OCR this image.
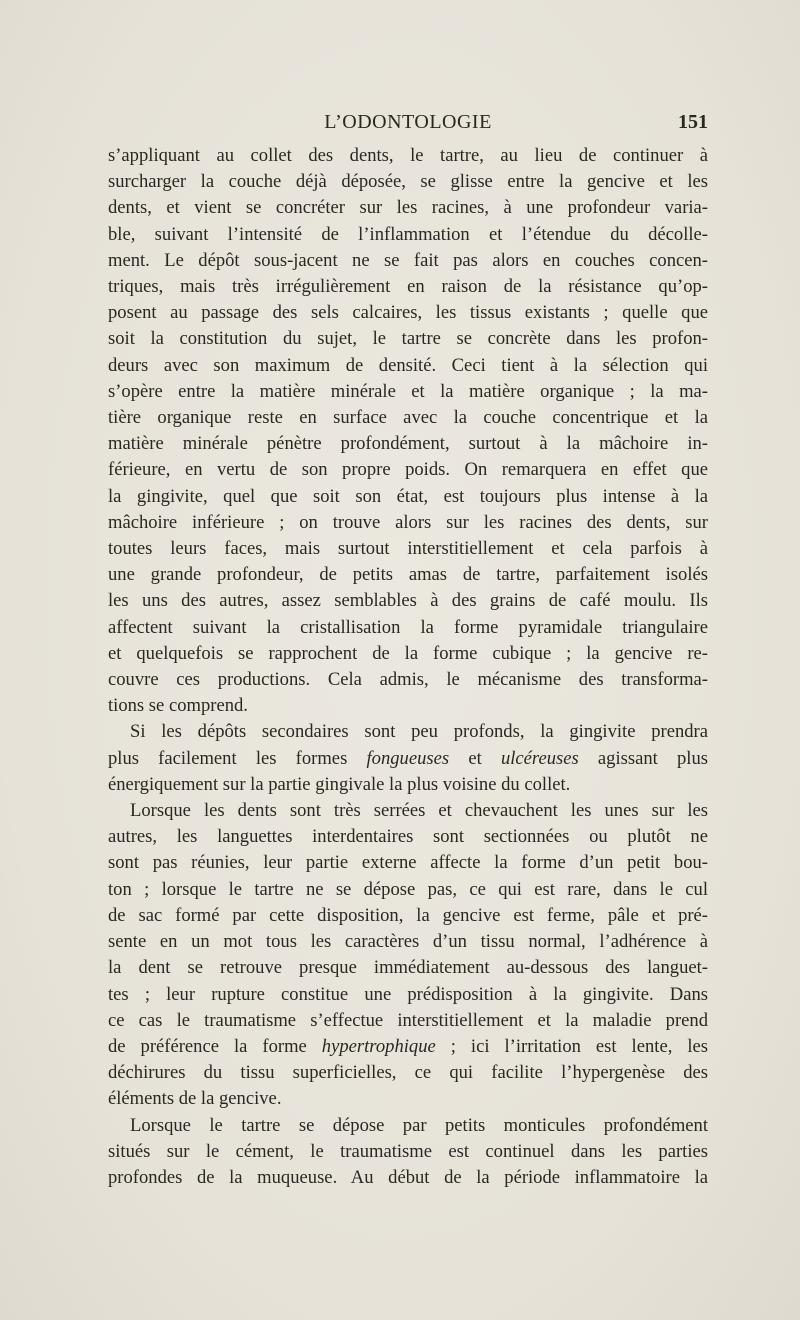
L’ODONTOLOGIE	151

s’appliquant au collet des dents, le tartre, au lieu de continuer à
surcharger la couche déjà déposée, se glisse entre la gencive et les
dents, et vient se concréter sur les racines, à une profondeur varia-
ble, suivant l’intensité de l’inflammation et l’étendue du décolle-
ment. Le dépôt sous-jacent ne se fait pas alors en couches concen-
triques, mais très irrégulièrement en raison de la résistance qu’op-
posent au passage des sels calcaires, les tissus existants ; quelle que
soit la constitution du sujet, le tartre se concrète dans les profon-
deurs avec son maximum de densité. Ceci tient à la sélection qui
s’opère entre la matière minérale et la matière organique ; la ma-
tière organique reste en surface avec la couche concentrique et la
matière minérale pénètre profondément, surtout à la mâchoire in-
férieure, en vertu de son propre poids. On remarquera en effet que
la gingivite, quel que soit son état, est toujours plus intense à la
mâchoire inférieure ; on trouve alors sur les racines des dents, sur
toutes leurs faces, mais surtout interstitiellement et cela parfois à
une grande profondeur, de petits amas de tartre, parfaitement isolés
les uns des autres, assez semblables à des grains de café moulu. Ils
affectent suivant la cristallisation la forme pyramidale triangulaire
et quelquefois se rapprochent de la forme cubique ; la gencive re-
couvre ces productions. Cela admis, le mécanisme des transforma-
tions se comprend.

Si les dépôts secondaires sont peu profonds, la gingivite prendra
plus facilement les formes fongueuses et ulcéreuses agissant plus
énergiquement sur la partie gingivale la plus voisine du collet.

Lorsque les dents sont très serrées et chevauchent les unes sur les
autres, les languettes interdentaires sont sectionnées ou plutôt ne
sont pas réunies, leur partie externe affecte la forme d’un petit bou-
ton ; lorsque le tartre ne se dépose pas, ce qui est rare, dans le cul
de sac formé par cette disposition, la gencive est ferme, pâle et pré-
sente en un mot tous les caractères d’un tissu normal, l’adhérence à
la dent se retrouve presque immédiatement au-dessous des languet-
tes ; leur rupture constitue une prédisposition à la gingivite. Dans
ce cas le traumatisme s’effectue interstitiellement et la maladie prend
de préférence la forme hypertrophique ; ici l’irritation est lente, les
déchirures du tissu superficielles, ce qui facilite l’hypergenèse des
éléments de la gencive.

Lorsque le tartre se dépose par petits monticules profondément
situés sur le cément, le traumatisme est continuel dans les parties
profondes de la muqueuse. Au début de la période inflammatoire la
